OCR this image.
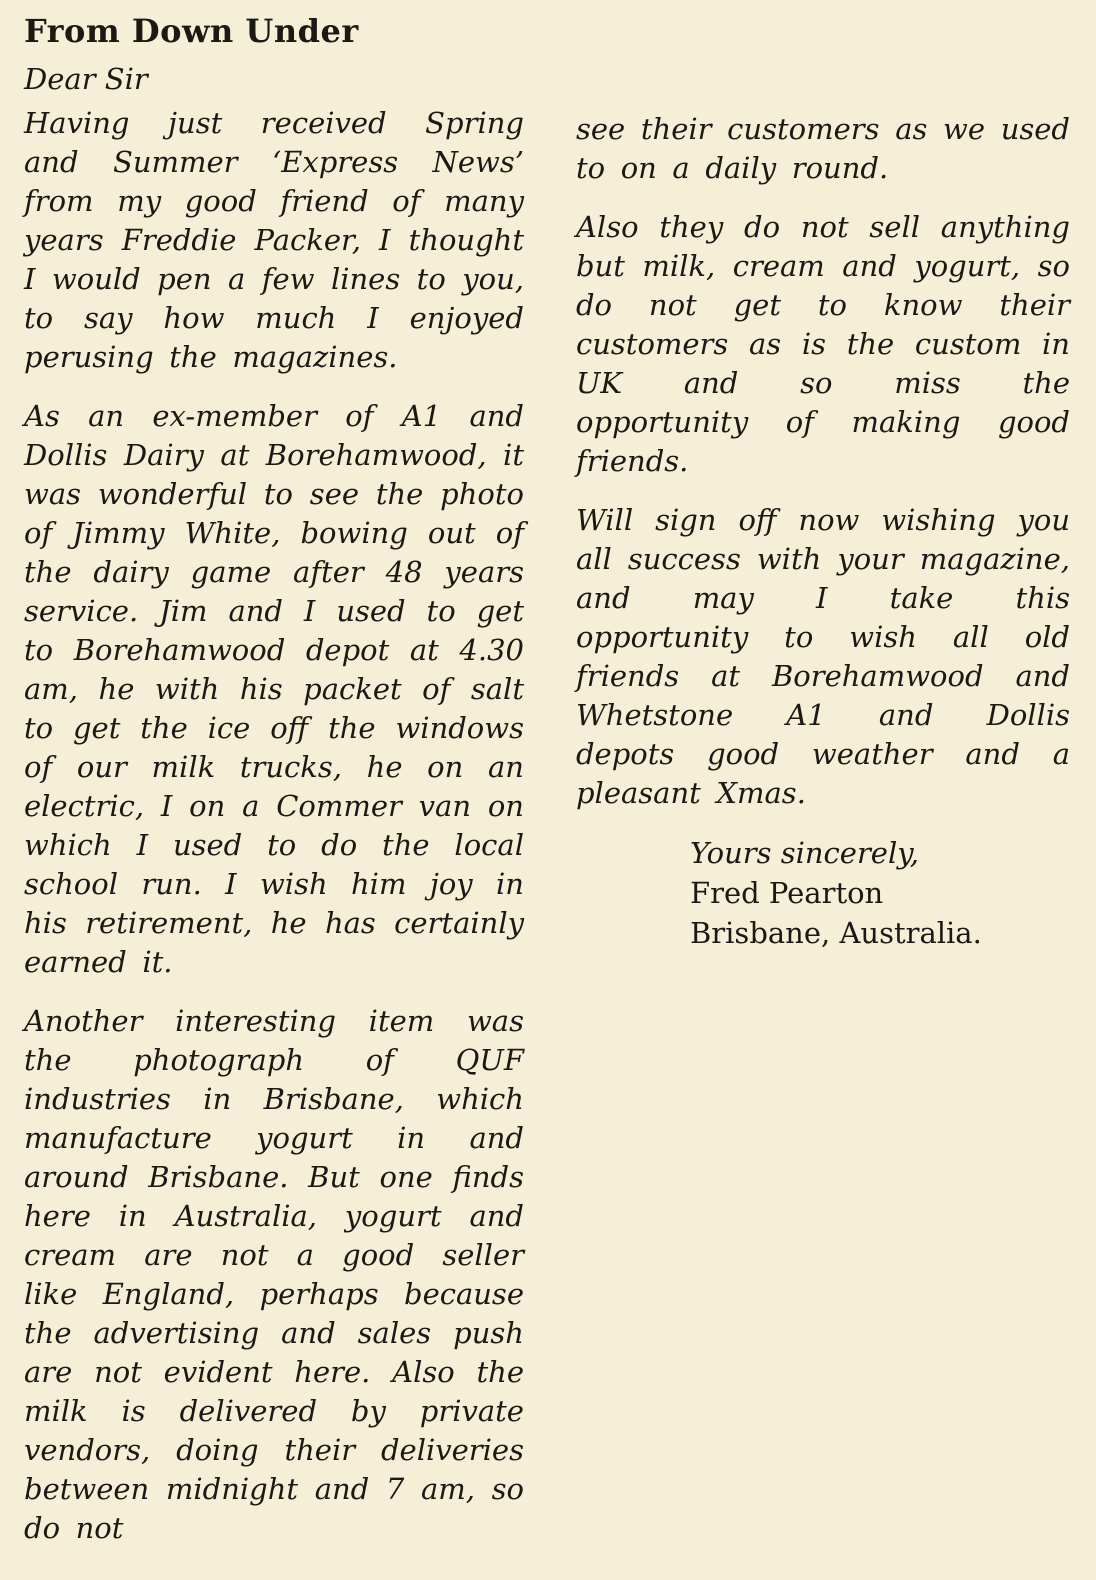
From Down Under

Dear Sir

Having just received Spring and Summer ‘Express News’ from my good friend of many years Freddie Packer, I thought I would pen a few lines to you, to say how much I enjoyed perusing the magazines.

As an ex-member of A1 and Dollis Dairy at Borehamwood, it was wonderful to see the photo of Jimmy White, bowing out of the dairy game after 48 years service. Jim and I used to get to Borehamwood depot at 4.30 am, he with his packet of salt to get the ice off the windows of our milk trucks, he on an electric, I on a Commer van on which I used to do the local school run. I wish him joy in his retirement, he has certainly earned it.

Another interesting item was the photograph of QUF industries in Brisbane, which manufacture yogurt in and around Brisbane. But one finds here in Australia, yogurt and cream are not a good seller like England, perhaps because the advertising and sales push are not evident here. Also the milk is delivered by private vendors, doing their deliveries between midnight and 7 am, so do not

see their customers as we used to on a daily round.

Also they do not sell anything but milk, cream and yogurt, so do not get to know their customers as is the custom in UK and so miss the opportunity of making good friends.

Will sign off now wishing you all success with your magazine, and may I take this opportunity to wish all old friends at Borehamwood and Whetstone A1 and Dollis depots good weather and a pleasant Xmas.

Yours sincerely,
Fred Pearton
Brisbane, Australia.
